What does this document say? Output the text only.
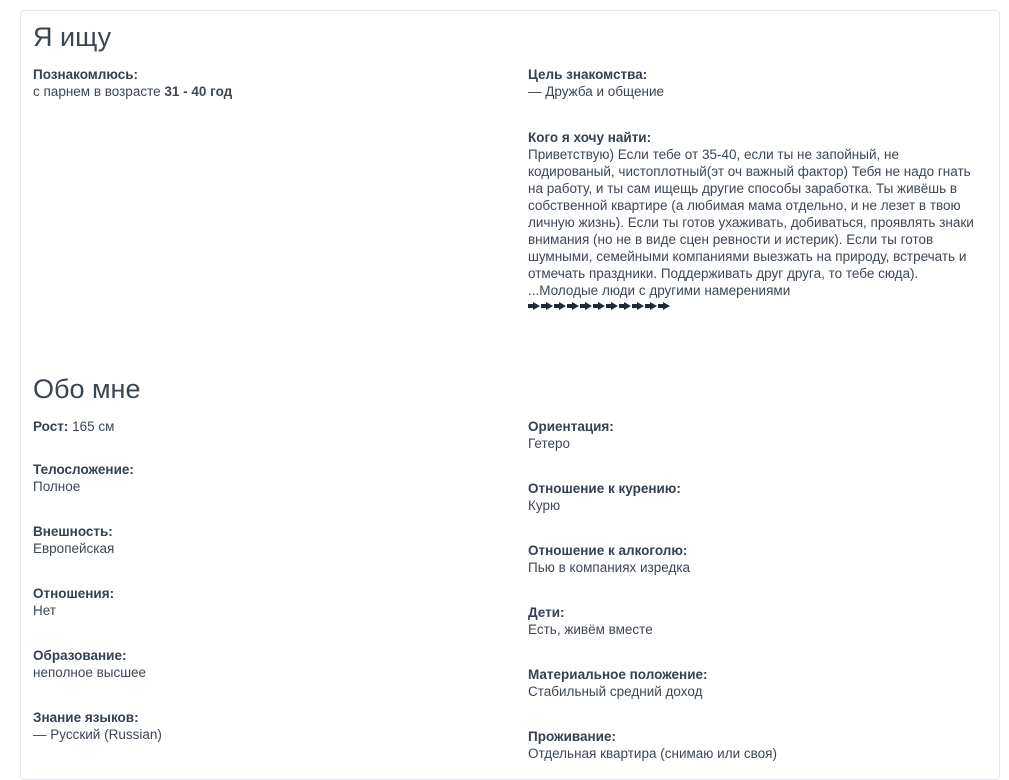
Я ищу
Познакомлюсь:
с парнем в возрасте 31 - 40 год
Цель знакомства:
— Дружба и общение
Кого я хочу найти:
Приветствую) Если тебе от 35-40, если ты не запойный, не кодированый, чистоплотный(эт оч важный фактор) Тебя не надо гнать на работу, и ты сам ищещь другие способы заработка. Ты живёшь в собственной квартире (а любимая мама отдельно, и не лезет в твою личную жизнь). Если ты готов ухаживать, добиваться, проявлять знаки внимания (но не в виде сцен ревности и истерик). Если ты готов шумными, семейными компаниями выезжать на природу, встречать и отмечать праздники. Поддерживать друг друга, то тебе сюда). ...Молодые люди с другими намерениями
Обо мне
Рост: 165 см
Телосложение:
Полное
Внешность:
Европейская
Отношения:
Нет
Образование:
неполное высшее
Знание языков:
— Русский (Russian)
Ориентация:
Гетеро
Отношение к курению:
Курю
Отношение к алкоголю:
Пью в компаниях изредка
Дети:
Есть, живём вместе
Материальное положение:
Стабильный средний доход
Проживание:
Отдельная квартира (снимаю или своя)
